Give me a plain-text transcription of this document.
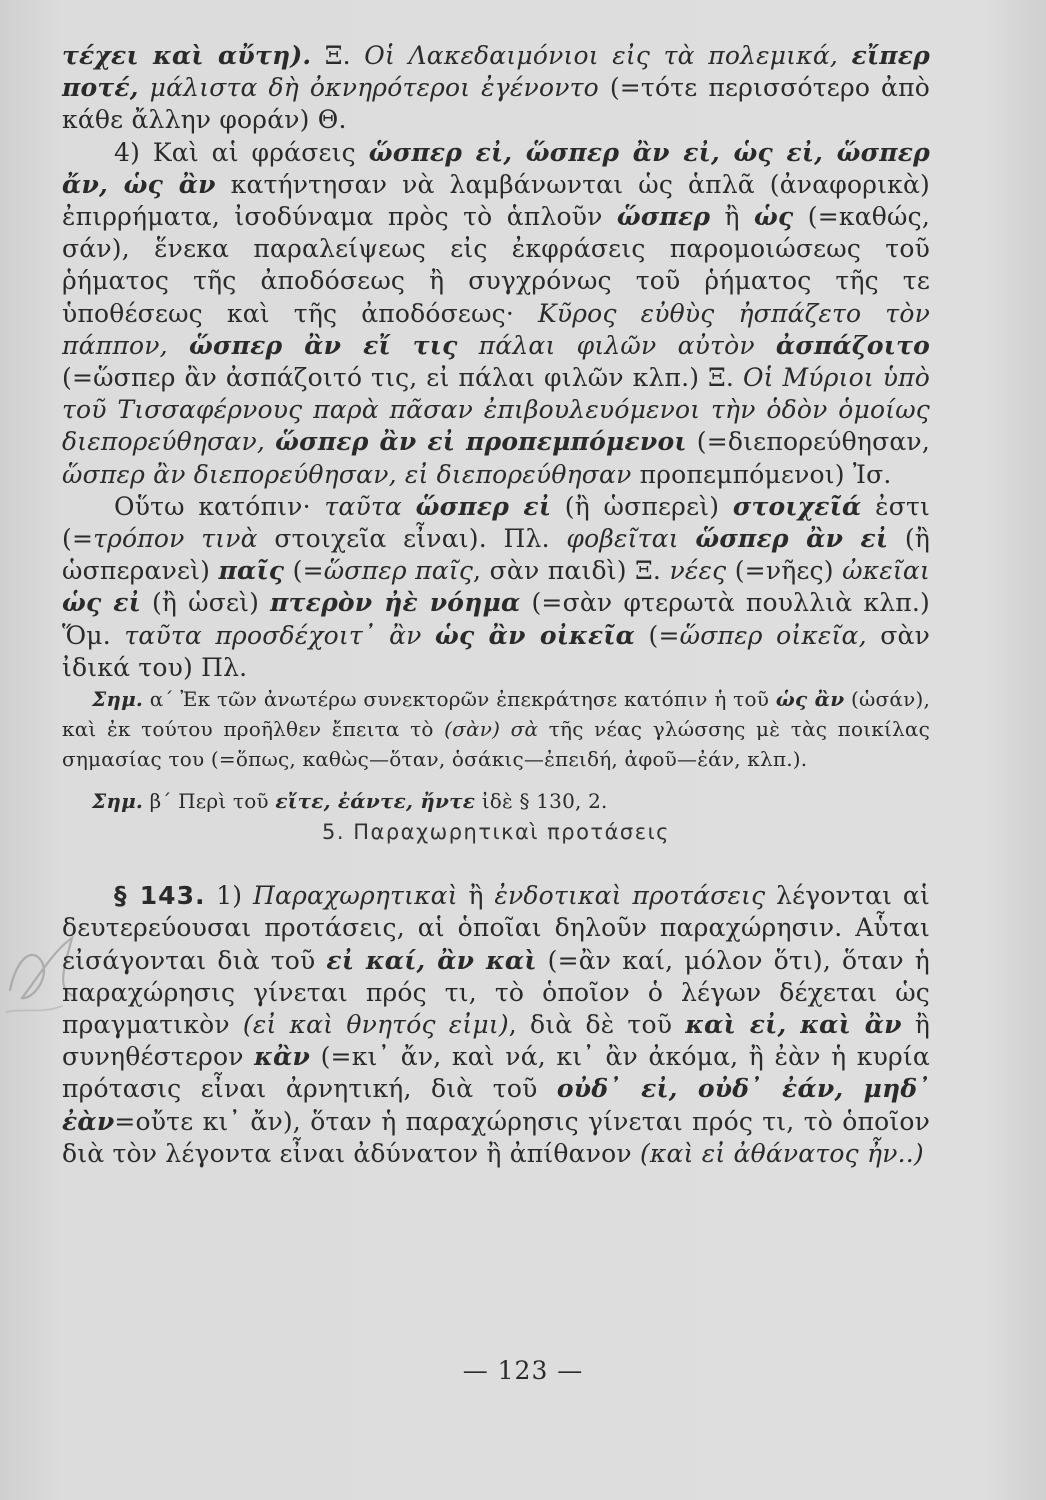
τέχει καὶ αὔτη). Ξ. Οἱ Λακεδαιμόνιοι εἰς τὰ πολεμικά, εἴπερ ποτέ, μάλιστα δὴ ὀκνηρότεροι ἐγένοντο (=τότε περισσότερο ἀπὸ κάθε ἄλλην φοράν) Θ.

4) Καὶ αἱ φράσεις ὥσπερ εἰ, ὥσπερ ἂν εἰ, ὡς εἰ, ὥσπερ ἄν, ὡς ἂν κατήντησαν νὰ λαμβάνωνται ὡς ἁπλᾶ (ἀναφορικὰ) ἐπιρρήματα, ἰσοδύναμα πρὸς τὸ ἁπλοῦν ὥσπερ ἢ ὡς (=καθώς, σάν), ἕνεκα παραλείψεως εἰς ἐκφράσεις παρομοιώσεως τοῦ ῥήματος τῆς ἀποδόσεως ἢ συγχρόνως τοῦ ῥήματος τῆς τε ὑποθέσεως καὶ τῆς ἀποδόσεως· Κῦρος εὐθὺς ἠσπάζετο τὸν πάππον, ὥσπερ ἂν εἴ τις πάλαι φιλῶν αὐτὸν ἀσπάζοιτο (=ὥσπερ ἂν ἀσπάζοιτό τις, εἰ πάλαι φιλῶν κλπ.) Ξ. Οἱ Μύριοι ὑπὸ τοῦ Τισσαφέρνους παρὰ πᾶσαν ἐπιβουλευόμενοι τὴν ὁδὸν ὁμοίως διεπορεύθησαν, ὥσπερ ἂν εἰ προπεμπόμενοι (=διεπορεύθησαν, ὥσπερ ἂν διεπορεύθησαν, εἰ διεπορεύθησαν προπεμπόμενοι) Ἰσ.

Οὕτω κατόπιν· ταῦτα ὥσπερ εἰ (ἢ ὡσπερεὶ) στοιχεῖά ἐστι (=τρόπον τινὰ στοιχεῖα εἶναι). Πλ. φοβεῖται ὥσπερ ἂν εἰ (ἢ ὡσπερανεὶ) παῖς (=ὥσπερ παῖς, σὰν παιδὶ) Ξ. νέες (=νῆες) ὠκεῖαι ὡς εἰ (ἢ ὡσεὶ) πτερὸν ἠὲ νόημα (=σὰν φτερωτὰ πουλλιὰ κλπ.) Ὅμ. ταῦτα προσδέχοιτ᾽ ἂν ὡς ἂν οἰκεῖα (=ὥσπερ οἰκεῖα, σὰν ἰδικά του) Πλ.

Σημ. α´ Ἐκ τῶν ἀνωτέρω συνεκτορῶν ἐπεκράτησε κατόπιν ἡ τοῦ ὡς ἂν (ὡσάν), καὶ ἐκ τούτου προῆλθεν ἔπειτα τὸ (σὰν) σὰ τῆς νέας γλώσσης μὲ τὰς ποικίλας σημασίας του (=ὅπως, καθὼς—ὅταν, ὁσάκις—ἐπειδή, ἀφοῦ—ἐάν, κλπ.).

Σημ. β´ Περὶ τοῦ εἴτε, ἐάντε, ἤντε ἰδὲ § 130, 2.

5. Παραχωρητικαὶ προτάσεις

§ 143. 1) Παραχωρητικαὶ ἢ ἐνδοτικαὶ προτάσεις λέγονται αἱ δευτερεύουσαι προτάσεις, αἱ ὁποῖαι δηλοῦν παραχώρησιν. Αὗται εἰσάγονται διὰ τοῦ εἰ καί, ἂν καὶ (=ἂν καί, μόλον ὅτι), ὅταν ἡ παραχώρησις γίνεται πρός τι, τὸ ὁποῖον ὁ λέγων δέχεται ὡς πραγματικὸν (εἰ καὶ θνητός εἰμι), διὰ δὲ τοῦ καὶ εἰ, καὶ ἂν ἢ συνηθέστερον κἂν (=κι᾽ ἄν, καὶ νά, κι᾽ ἂν ἀκόμα, ἢ ἐὰν ἡ κυρία πρότασις εἶναι ἀρνητική, διὰ τοῦ οὐδ᾽ εἰ, οὐδ᾽ ἐάν, μηδ᾽ ἐὰν=οὔτε κι᾽ ἄν), ὅταν ἡ παραχώρησις γίνεται πρός τι, τὸ ὁποῖον διὰ τὸν λέγοντα εἶναι ἀδύνατον ἢ ἀπίθανον (καὶ εἰ ἀθάνατος ἦν..)

— 123 —
